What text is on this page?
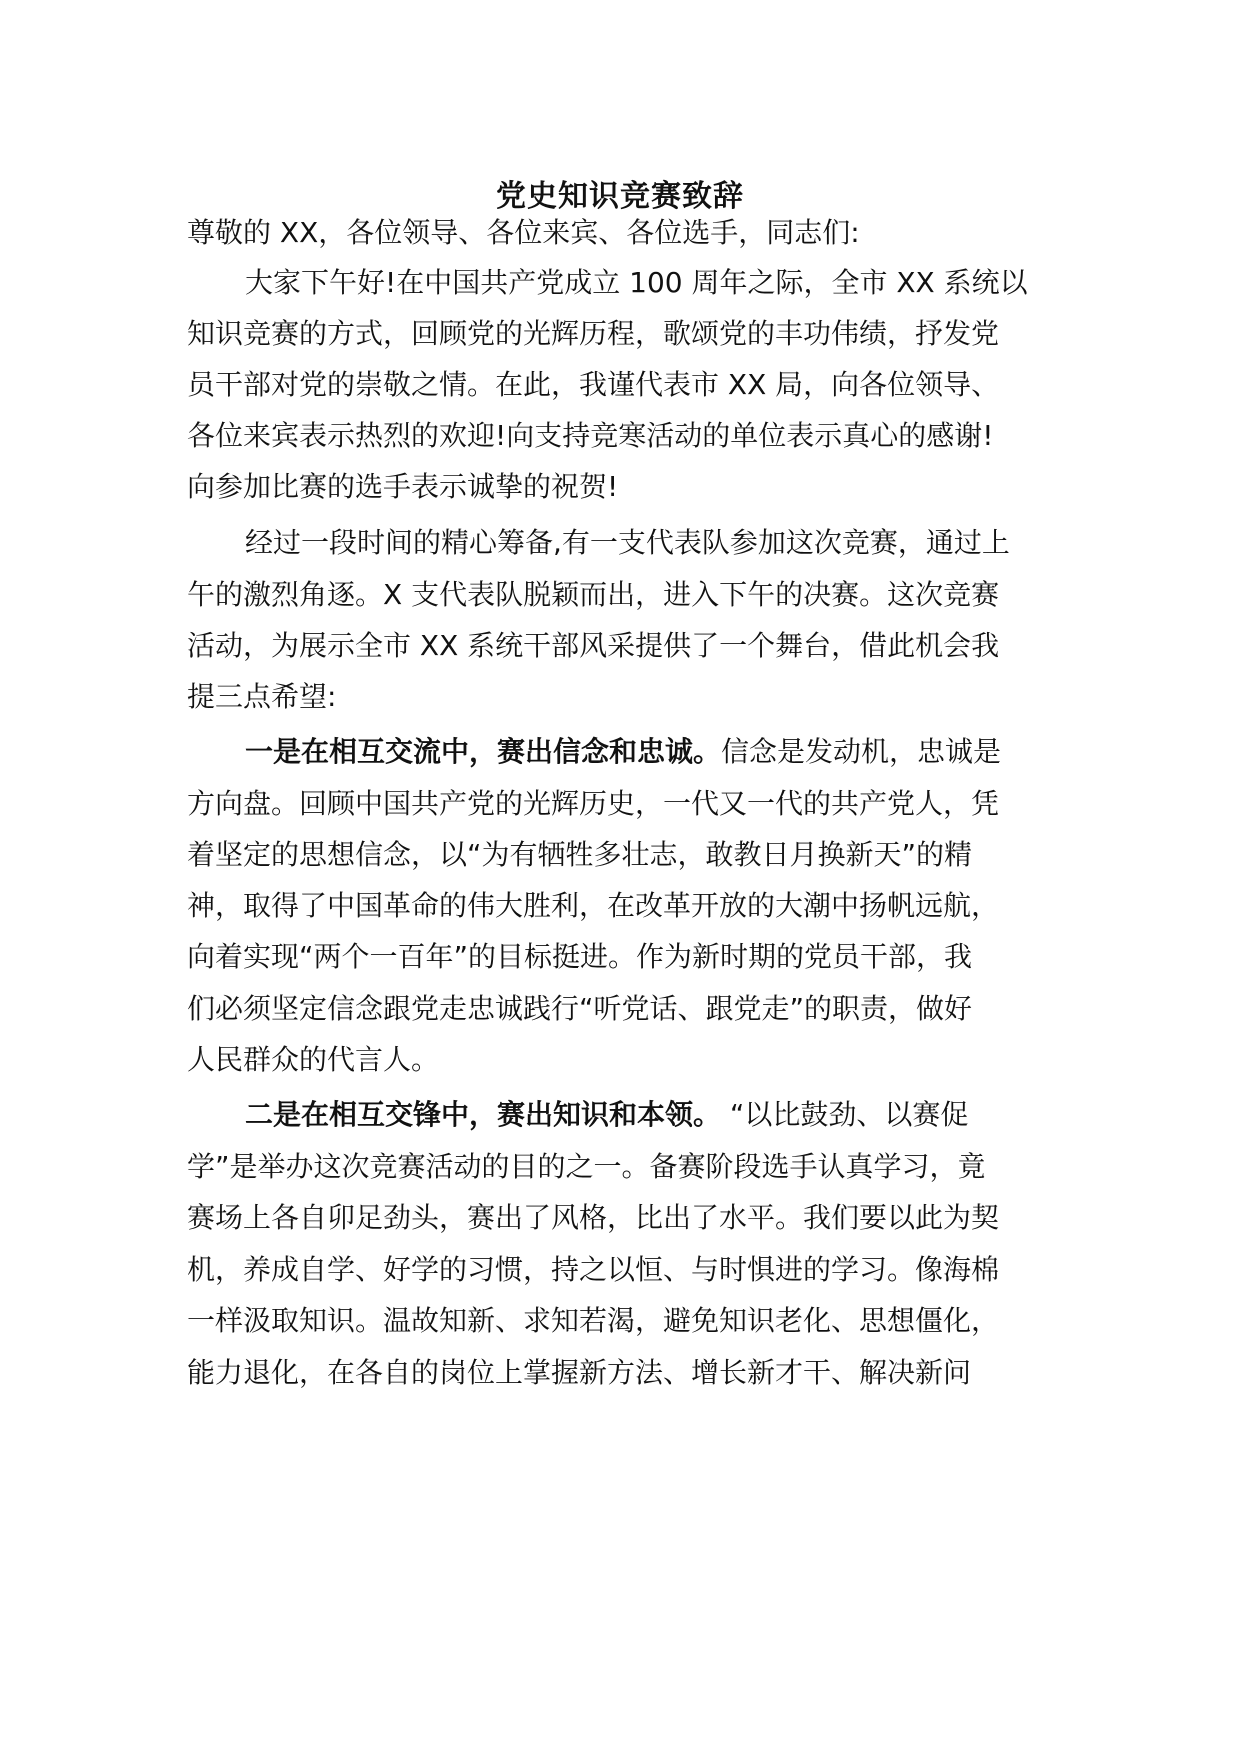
党史知识竞赛致辞
尊敬的 XX，各位领导、各位来宾、各位选手，同志们:
大家下午好!在中国共产党成立 100 周年之际，全市 XX 系统以
知识竞赛的方式，回顾党的光辉历程，歌颂党的丰功伟绩，抒发党
员干部对党的崇敬之情。在此，我谨代表市 XX 局，向各位领导、
各位来宾表示热烈的欢迎!向支持竞寒活动的单位表示真心的感谢!
向参加比赛的选手表示诚挚的祝贺!
经过一段时间的精心筹备,有一支代表队参加这次竞赛，通过上
午的激烈角逐。X 支代表队脱颖而出，进入下午的决赛。这次竞赛
活动，为展示全市 XX 系统干部风采提供了一个舞台，借此机会我
提三点希望:
一是在相互交流中，赛出信念和忠诚。信念是发动机，忠诚是
方向盘。回顾中国共产党的光辉历史，一代又一代的共产党人，凭
着坚定的思想信念，以“为有牺牲多壮志，敢教日月换新天”的精
神，取得了中国革命的伟大胜利，在改革开放的大潮中扬帆远航，
向着实现“两个一百年”的目标挺进。作为新时期的党员干部，我
们必须坚定信念跟党走忠诚践行“听党话、跟党走”的职责，做好
人民群众的代言人。
二是在相互交锋中，赛出知识和本领。 “以比鼓劲、以赛促
学”是举办这次竞赛活动的目的之一。备赛阶段选手认真学习，竟
赛场上各自卯足劲头，赛出了风格，比出了水平。我们要以此为契
机，养成自学、好学的习惯，持之以恒、与时惧进的学习。像海棉
一样汲取知识。温故知新、求知若渴，避免知识老化、思想僵化，
能力退化，在各自的岗位上掌握新方法、增长新才干、解决新问
